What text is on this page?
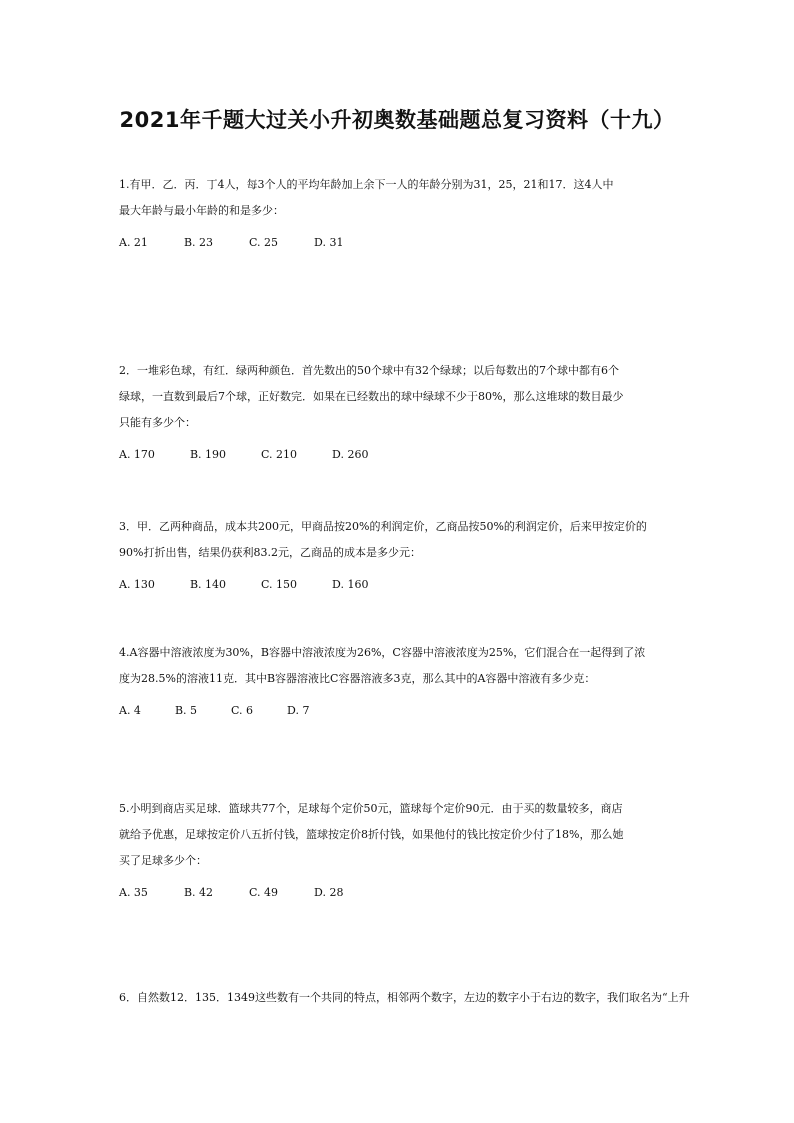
2021年千题大过关小升初奥数基础题总复习资料（十九）

1.有甲．乙．丙．丁4人，每3个人的平均年龄加上余下一人的年龄分别为31，25，21和17．这4人中

最大年龄与最小年龄的和是多少：

A. 21	B. 23	C. 25	D. 31

2．一堆彩色球，有红．绿两种颜色．首先数出的50个球中有32个绿球；以后每数出的7个球中都有6个

绿球，一直数到最后7个球，正好数完．如果在已经数出的球中绿球不少于80%，那么这堆球的数目最少

只能有多少个：

A. 170	B. 190	C. 210	D. 260

3．甲．乙两种商品，成本共200元，甲商品按20%的利润定价，乙商品按50%的利润定价，后来甲按定价的

90%打折出售，结果仍获利83.2元，乙商品的成本是多少元：

A. 130	B. 140	C. 150	D. 160

4.A容器中溶液浓度为30%，B容器中溶液浓度为26%，C容器中溶液浓度为25%，它们混合在一起得到了浓

度为28.5%的溶液11克．其中B容器溶液比C容器溶液多3克，那么其中的A容器中溶液有多少克：

A. 4	B. 5	C. 6	D. 7

5.小明到商店买足球．篮球共77个，足球每个定价50元，篮球每个定价90元．由于买的数量较多，商店

就给予优惠，足球按定价八五折付钱，篮球按定价8折付钱，如果他付的钱比按定价少付了18%，那么她

买了足球多少个：

A. 35	B. 42	C. 49	D. 28

6．自然数12．135．1349这些数有一个共同的特点，相邻两个数字，左边的数字小于右边的数字，我们取名为“上升
